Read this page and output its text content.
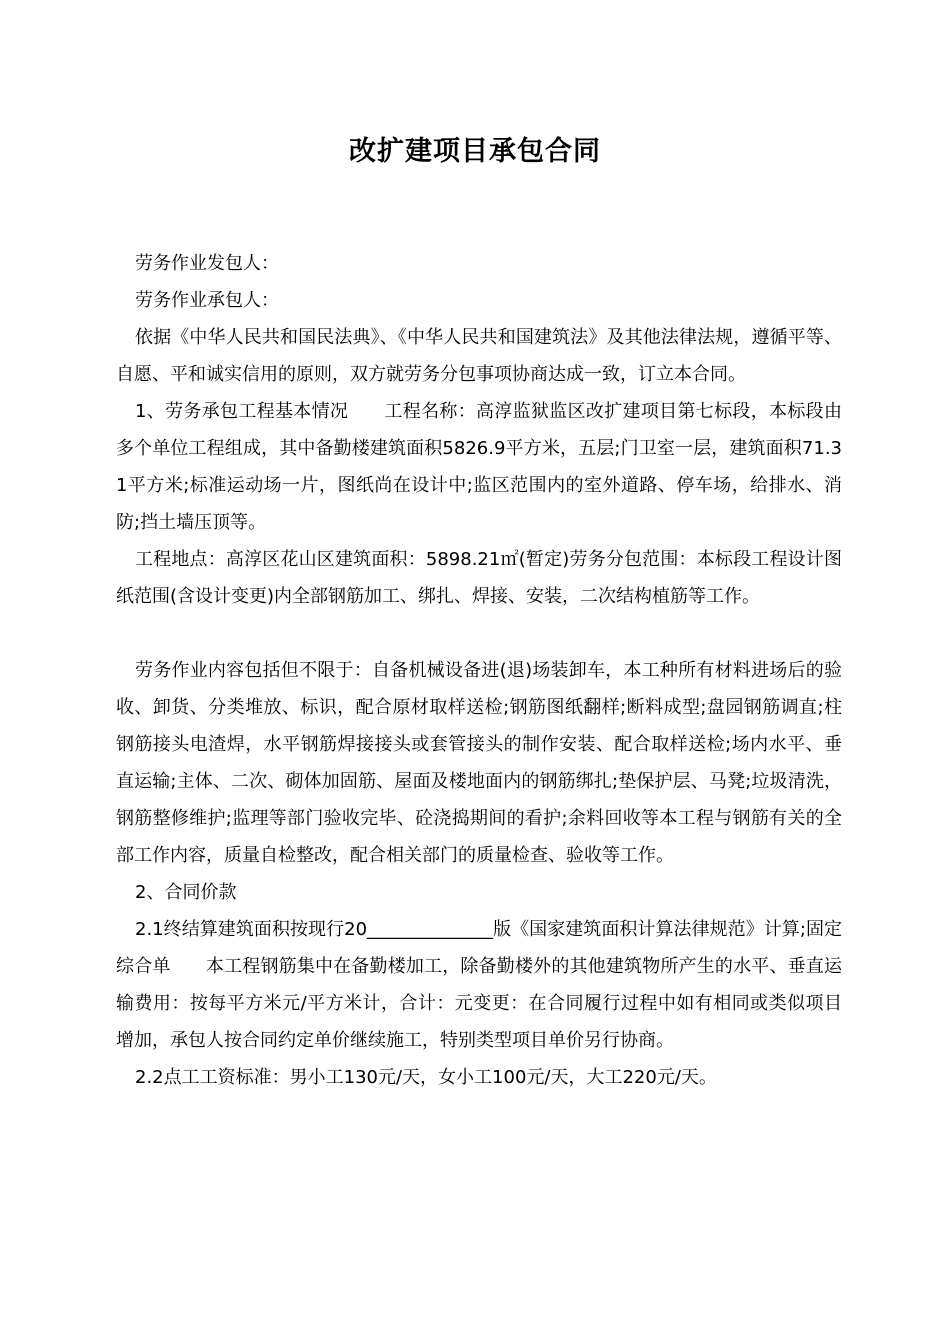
改扩建项目承包合同

劳务作业发包人：

劳务作业承包人：

依据《中华人民共和国民法典》、《中华人民共和国建筑法》及其他法律法规，遵循平等、自愿、平和诚实信用的原则，双方就劳务分包事项协商达成一致，订立本合同。

1、劳务承包工程基本情况      工程名称：高淳监狱监区改扩建项目第七标段，本标段由多个单位工程组成，其中备勤楼建筑面积5826.9平方米，五层;门卫室一层，建筑面积71.31平方米;标准运动场一片，图纸尚在设计中;监区范围内的室外道路、停车场，给排水、消防;挡土墙压顶等。

工程地点：高淳区花山区建筑面积：5898.21㎡(暂定)劳务分包范围：本标段工程设计图纸范围(含设计变更)内全部钢筋加工、绑扎、焊接、安装，二次结构植筋等工作。

劳务作业内容包括但不限于：自备机械设备进(退)场装卸车，本工种所有材料进场后的验收、卸货、分类堆放、标识，配合原材取样送检;钢筋图纸翻样;断料成型;盘园钢筋调直;柱钢筋接头电渣焊，水平钢筋焊接接头或套管接头的制作安装、配合取样送检;场内水平、垂直运输;主体、二次、砌体加固筋、屋面及楼地面内的钢筋绑扎;垫保护层、马凳;垃圾清洗，钢筋整修维护;监理等部门验收完毕、砼浇捣期间的看护;余料回收等本工程与钢筋有关的全部工作内容，质量自检整改，配合相关部门的质量检查、验收等工作。

2、合同价款

2.1终结算建筑面积按现行20______________版《国家建筑面积计算法律规范》计算;固定综合单      本工程钢筋集中在备勤楼加工，除备勤楼外的其他建筑物所产生的水平、垂直运输费用：按每平方米元/平方米计，合计：元变更：在合同履行过程中如有相同或类似项目增加，承包人按合同约定单价继续施工，特别类型项目单价另行协商。

2.2点工工资标准：男小工130元/天，女小工100元/天，大工220元/天。
